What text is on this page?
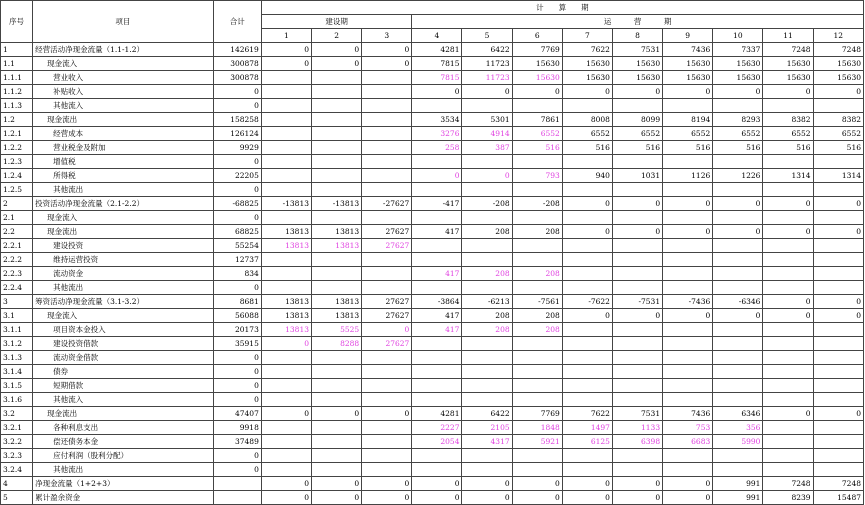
序号	项目	合计	计　　算　　期											
			建设期			运　　　营　　　期								
			1	2	3	4	5	6	7	8	9	10	11	12
1	经营活动净现金流量（1.1-1.2）	142619	0	0	0	4281	6422	7769	7622	7531	7436	7337	7248	7248
1.1	现金流入	300878	0	0	0	7815	11723	15630	15630	15630	15630	15630	15630	15630
1.1.1	营业收入	300878				7815	11723	15630	15630	15630	15630	15630	15630	15630
1.1.2	补贴收入	0				0	0	0	0	0	0	0	0	0
1.1.3	其他流入	0												
1.2	现金流出	158258				3534	5301	7861	8008	8099	8194	8293	8382	8382
1.2.1	经营成本	126124				3276	4914	6552	6552	6552	6552	6552	6552	6552
1.2.2	营业税金及附加	9929				258	387	516	516	516	516	516	516	516
1.2.3	增值税	0												
1.2.4	所得税	22205				0	0	793	940	1031	1126	1226	1314	1314
1.2.5	其他流出	0												
2	投资活动净现金流量（2.1-2.2）	-68825	-13813	-13813	-27627	-417	-208	-208	0	0	0	0	0	0
2.1	现金流入	0												
2.2	现金流出	68825	13813	13813	27627	417	208	208	0	0	0	0	0	0
2.2.1	建设投资	55254	13813	13813	27627									
2.2.2	维持运营投资	12737												
2.2.3	流动资金	834				417	208	208						
2.2.4	其他流出	0												
3	筹资活动净现金流量（3.1-3.2）	8681	13813	13813	27627	-3864	-6213	-7561	-7622	-7531	-7436	-6346	0	0
3.1	现金流入	56088	13813	13813	27627	417	208	208	0	0	0	0	0	0
3.1.1	项目资本金投入	20173	13813	5525	0	417	208	208						
3.1.2	建设投资借款	35915	0	8288	27627									
3.1.3	流动资金借款	0												
3.1.4	债券	0												
3.1.5	短期借款	0												
3.1.6	其他流入	0												
3.2	现金流出	47407	0	0	0	4281	6422	7769	7622	7531	7436	6346	0	0
3.2.1	各种利息支出	9918				2227	2105	1848	1497	1133	753	356		
3.2.2	偿还债务本金	37489				2054	4317	5921	6125	6398	6683	5990		
3.2.3	应付利润（股利分配）	0												
3.2.4	其他流出	0												
4	净现金流量（1+2+3）		0	0	0	0	0	0	0	0	0	991	7248	7248
5	累计盈余资金		0	0	0	0	0	0	0	0	0	991	8239	15487
